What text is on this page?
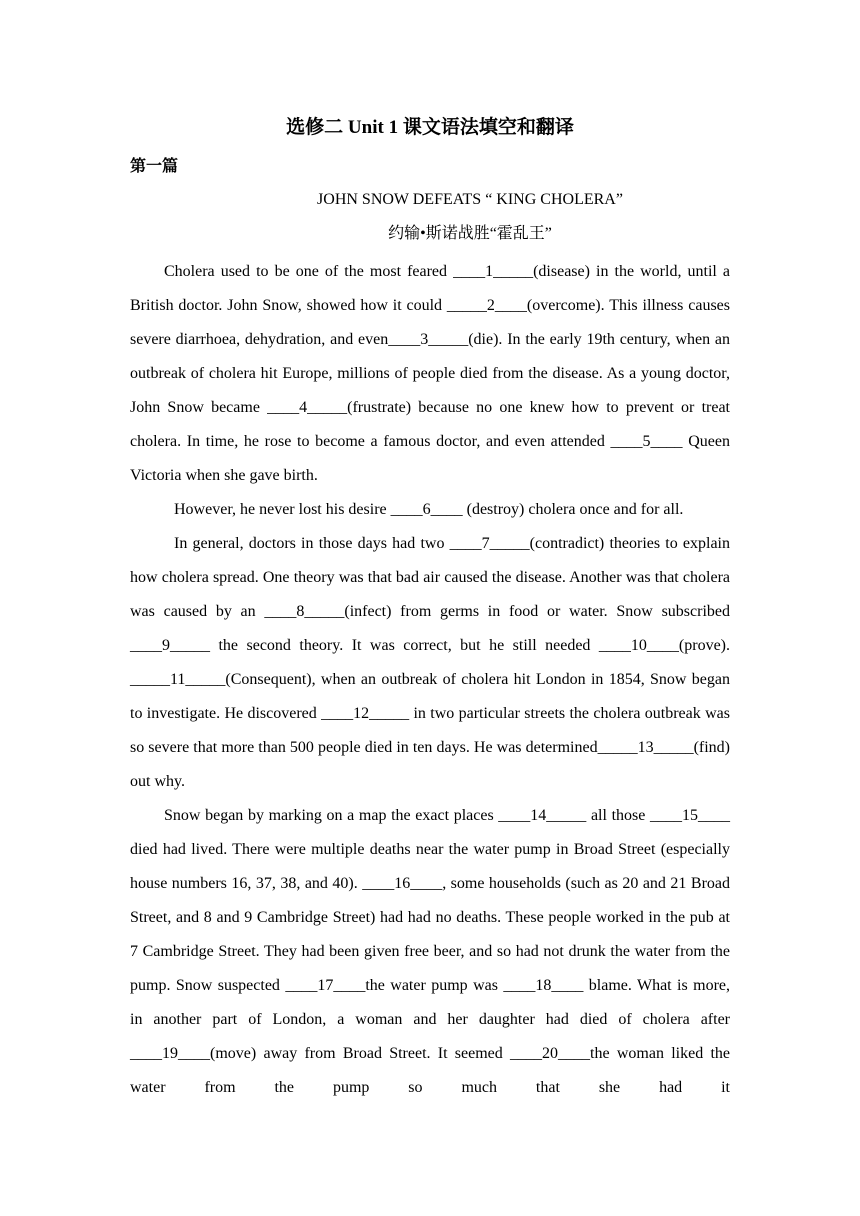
选修二 Unit 1 课文语法填空和翻译
第一篇
JOHN SNOW DEFEATS “ KING CHOLERA”
约输•斯诺战胜“霍乱王”

Cholera used to be one of the most feared ____1_____(disease) in the world, until a British doctor. John Snow, showed how it could _____2____(overcome). This illness causes severe diarrhoea, dehydration, and even____3_____(die). In the early 19th century, when an outbreak of cholera hit Europe, millions of people died from the disease. As a young doctor, John Snow became ____4_____(frustrate) because no one knew how to prevent or treat cholera. In time, he rose to become a famous doctor, and even attended ____5____ Queen Victoria when she gave birth.

However, he never lost his desire ____6____ (destroy) cholera once and for all.

In general, doctors in those days had two ____7_____(contradict) theories to explain how cholera spread. One theory was that bad air caused the disease. Another was that cholera was caused by an ____8_____(infect) from germs in food or water. Snow subscribed ____9_____ the second theory. It was correct, but he still needed ____10____(prove). _____11_____(Consequent), when an outbreak of cholera hit London in 1854, Snow began to investigate. He discovered ____12_____ in two particular streets the cholera outbreak was so severe that more than 500 people died in ten days. He was determined_____13_____(find) out why.

Snow began by marking on a map the exact places ____14_____ all those ____15____ died had lived. There were multiple deaths near the water pump in Broad Street (especially house numbers 16, 37, 38, and 40). ____16____, some households (such as 20 and 21 Broad Street, and 8 and 9 Cambridge Street) had had no deaths. These people worked in the pub at 7 Cambridge Street. They had been given free beer, and so had not drunk the water from the pump. Snow suspected ____17____the water pump was ____18____ blame. What is more, in another part of London, a woman and her daughter had died of cholera after ____19____(move) away from Broad Street. It seemed ____20____the woman liked the water from the pump so much that she had it
